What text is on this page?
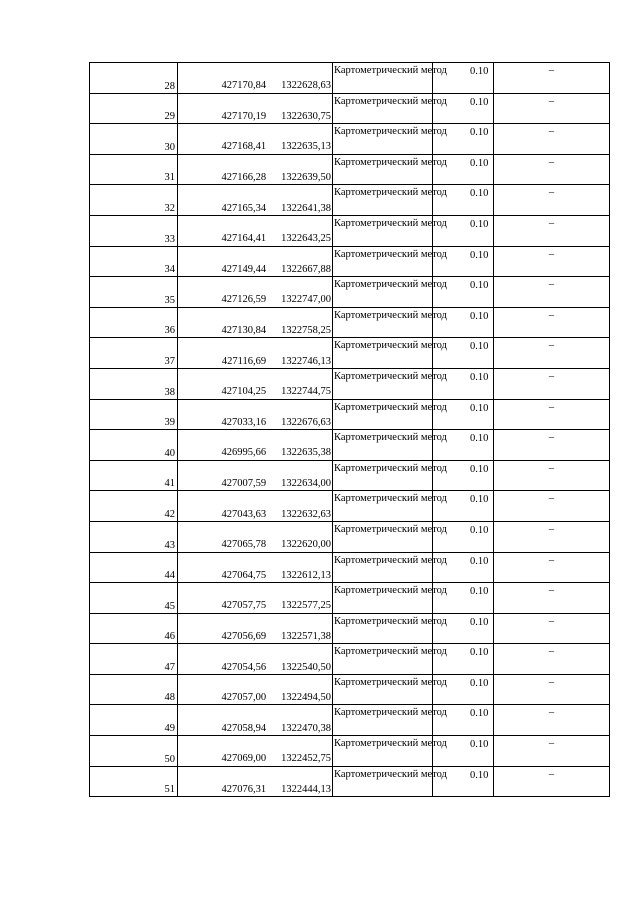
28	427170,84 1322628,63	Картометрический метод	0.10	–
29	427170,19 1322630,75	Картометрический метод	0.10	–
30	427168,41 1322635,13	Картометрический метод	0.10	–
31	427166,28 1322639,50	Картометрический метод	0.10	–
32	427165,34 1322641,38	Картометрический метод	0.10	–
33	427164,41 1322643,25	Картометрический метод	0.10	–
34	427149,44 1322667,88	Картометрический метод	0.10	–
35	427126,59 1322747,00	Картометрический метод	0.10	–
36	427130,84 1322758,25	Картометрический метод	0.10	–
37	427116,69 1322746,13	Картометрический метод	0.10	–
38	427104,25 1322744,75	Картометрический метод	0.10	–
39	427033,16 1322676,63	Картометрический метод	0.10	–
40	426995,66 1322635,38	Картометрический метод	0.10	–
41	427007,59 1322634,00	Картометрический метод	0.10	–
42	427043,63 1322632,63	Картометрический метод	0.10	–
43	427065,78 1322620,00	Картометрический метод	0.10	–
44	427064,75 1322612,13	Картометрический метод	0.10	–
45	427057,75 1322577,25	Картометрический метод	0.10	–
46	427056,69 1322571,38	Картометрический метод	0.10	–
47	427054,56 1322540,50	Картометрический метод	0.10	–
48	427057,00 1322494,50	Картометрический метод	0.10	–
49	427058,94 1322470,38	Картометрический метод	0.10	–
50	427069,00 1322452,75	Картометрический метод	0.10	–
51	427076,31 1322444,13	Картометрический метод	0.10	–
